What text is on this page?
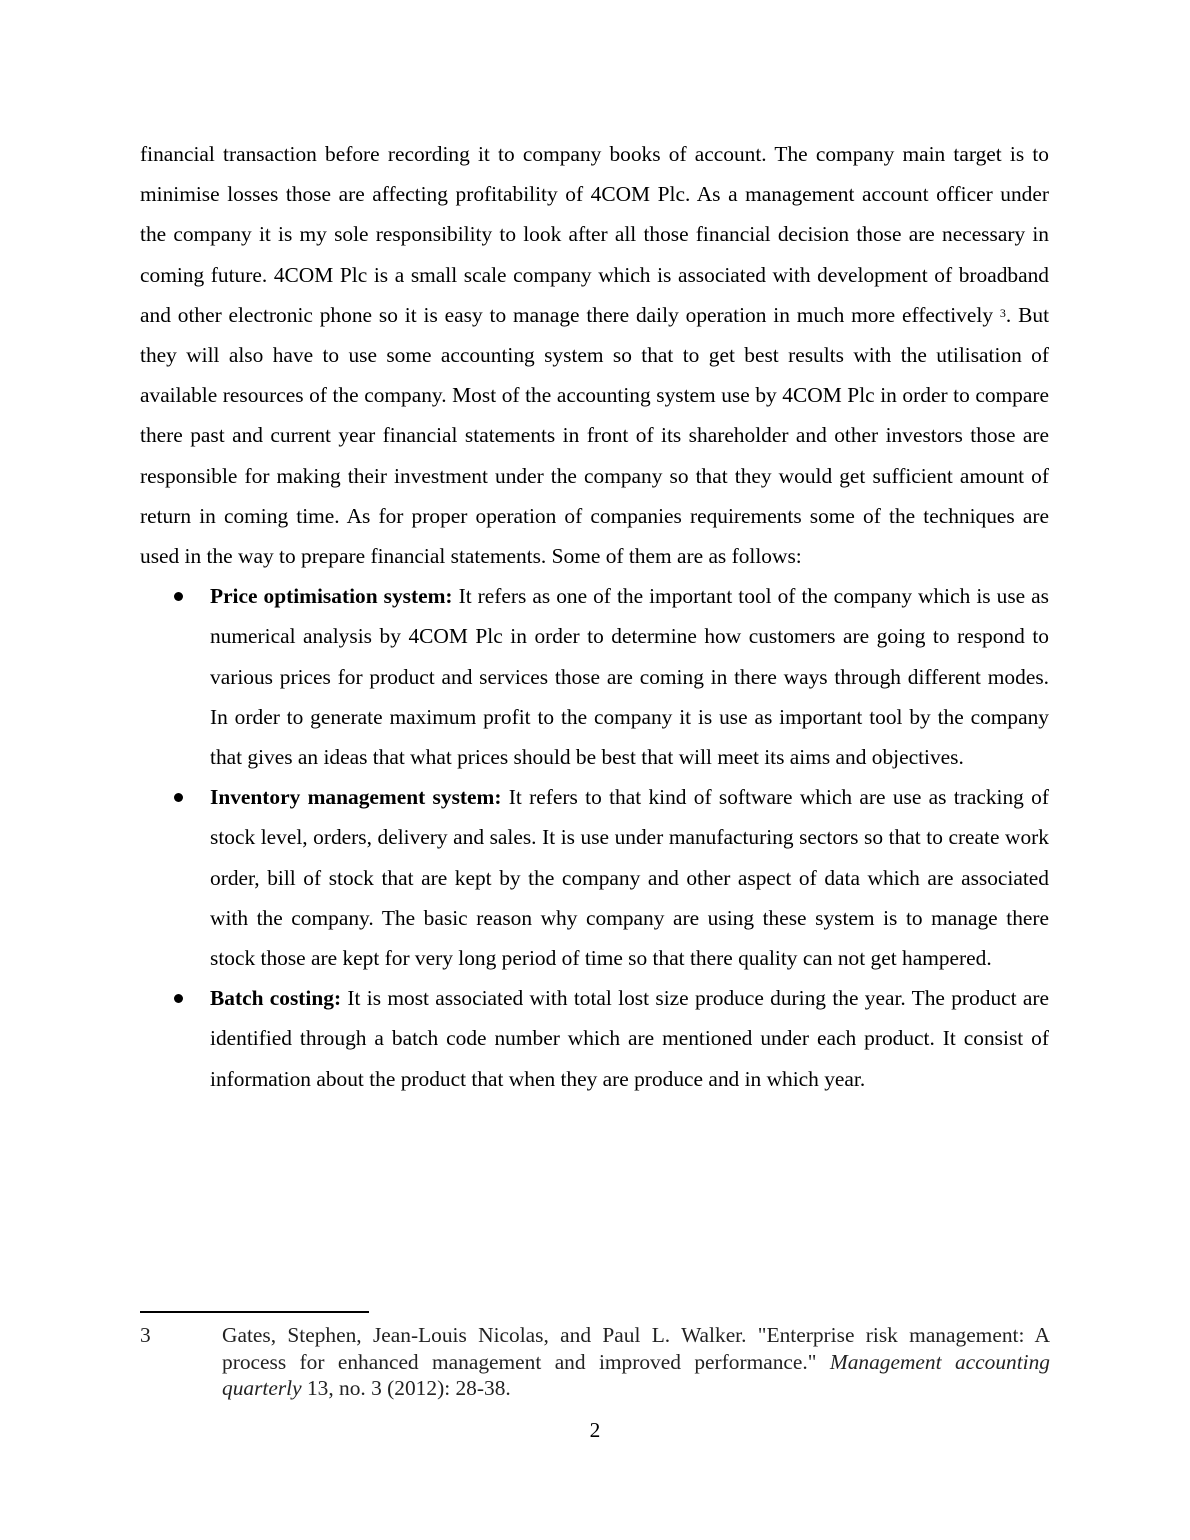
financial transaction before recording it to company books of account. The company main target is to minimise losses those are affecting profitability of 4COM Plc. As a management account officer under the company it is my sole responsibility to look after all those financial decision those are necessary in coming future. 4COM Plc is a small scale company which is associated with development of broadband and other electronic phone so it is easy to manage there daily operation in much more effectively $^3$. But they will also have to use some accounting system so that to get best results with the utilisation of available resources of the company. Most of the accounting system use by 4COM Plc in order to compare there past and current year financial statements in front of its shareholder and other investors those are responsible for making their investment under the company so that they would get sufficient amount of return in coming time. As for proper operation of companies requirements some of the techniques are used in the way to prepare financial statements. Some of them are as follows:

Price optimisation system: It refers as one of the important tool of the company which is use as numerical analysis by 4COM Plc in order to determine how customers are going to respond to various prices for product and services those are coming in there ways through different modes. In order to generate maximum profit to the company it is use as important tool by the company that gives an ideas that what prices should be best that will meet its aims and objectives.
Inventory management system: It refers to that kind of software which are use as tracking of stock level, orders, delivery and sales. It is use under manufacturing sectors so that to create work order, bill of stock that are kept by the company and other aspect of data which are associated with the company. The basic reason why company are using these system is to manage there stock those are kept for very long period of time so that there quality can not get hampered.
Batch costing: It is most associated with total lost size produce during the year. The product are identified through a batch code number which are mentioned under each product. It consist of information about the product that when they are produce and in which year.
3	Gates, Stephen, Jean-Louis Nicolas, and Paul L. Walker. "Enterprise risk management: A process for enhanced management and improved performance." Management accounting quarterly 13, no. 3 (2012): 28-38.
2
